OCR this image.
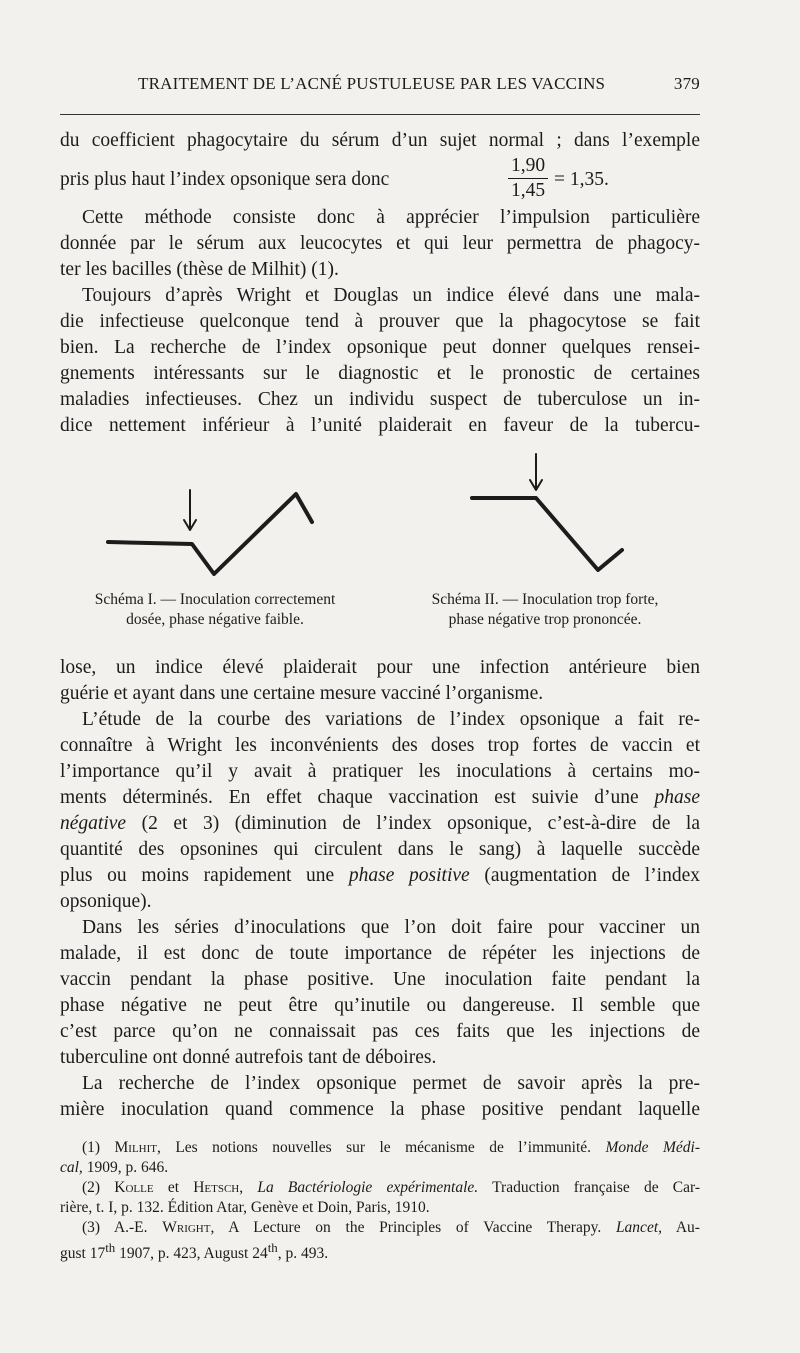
TRAITEMENT DE L’ACNÉ PUSTULEUSE PAR LES VACCINS	379
du coefficient phagocytaire du sérum d’un sujet normal ; dans l’exemple
pris plus haut l’index opsonique sera donc	$\frac{1,90}{1,45} = 1,35$.
Cette méthode consiste donc à apprécier l’impulsion particulière
donnée par le sérum aux leucocytes et qui leur permettra de phagocy-
ter les bacilles (thèse de Milhit) (1).
Toujours d’après Wright et Douglas un indice élevé dans une mala-
die infectieuse quelconque tend à prouver que la phagocytose se fait
bien. La recherche de l’index opsonique peut donner quelques rensei-
gnements intéressants sur le diagnostic et le pronostic de certaines
maladies infectieuses. Chez un individu suspect de tuberculose un in-
dice nettement inférieur à l’unité plaiderait en faveur de la tubercu-
Schéma I. — Inoculation correctement
dosée, phase négative faible.
Schéma II. — Inoculation trop forte,
phase négative trop prononcée.
lose, un indice élevé plaiderait pour une infection antérieure bien
guérie et ayant dans une certaine mesure vacciné l’organisme.
L’étude de la courbe des variations de l’index opsonique a fait re-
connaître à Wright les inconvénients des doses trop fortes de vaccin et
l’importance qu’il y avait à pratiquer les inoculations à certains mo-
ments déterminés. En effet chaque vaccination est suivie d’une phase
négative (2 et 3) (diminution de l’index opsonique, c’est-à-dire de la
quantité des opsonines qui circulent dans le sang) à laquelle succède
plus ou moins rapidement une phase positive (augmentation de l’index
opsonique).
Dans les séries d’inoculations que l’on doit faire pour vacciner un
malade, il est donc de toute importance de répéter les injections de
vaccin pendant la phase positive. Une inoculation faite pendant la
phase négative ne peut être qu’inutile ou dangereuse. Il semble que
c’est parce qu’on ne connaissait pas ces faits que les injections de
tuberculine ont donné autrefois tant de déboires.
La recherche de l’index opsonique permet de savoir après la pre-
mière inoculation quand commence la phase positive pendant laquelle
(1) Milhit, Les notions nouvelles sur le mécanisme de l’immunité. Monde Médi-
cal, 1909, p. 646.
(2) Kolle et Hetsch, La Bactériologie expérimentale. Traduction française de Car-
rière, t. I, p. 132. Édition Atar, Genève et Doin, Paris, 1910.
(3) A.-E. Wright, A Lecture on the Principles of Vaccine Therapy. Lancet, Au-
gust 17th 1907, p. 423, August 24th, p. 493.
